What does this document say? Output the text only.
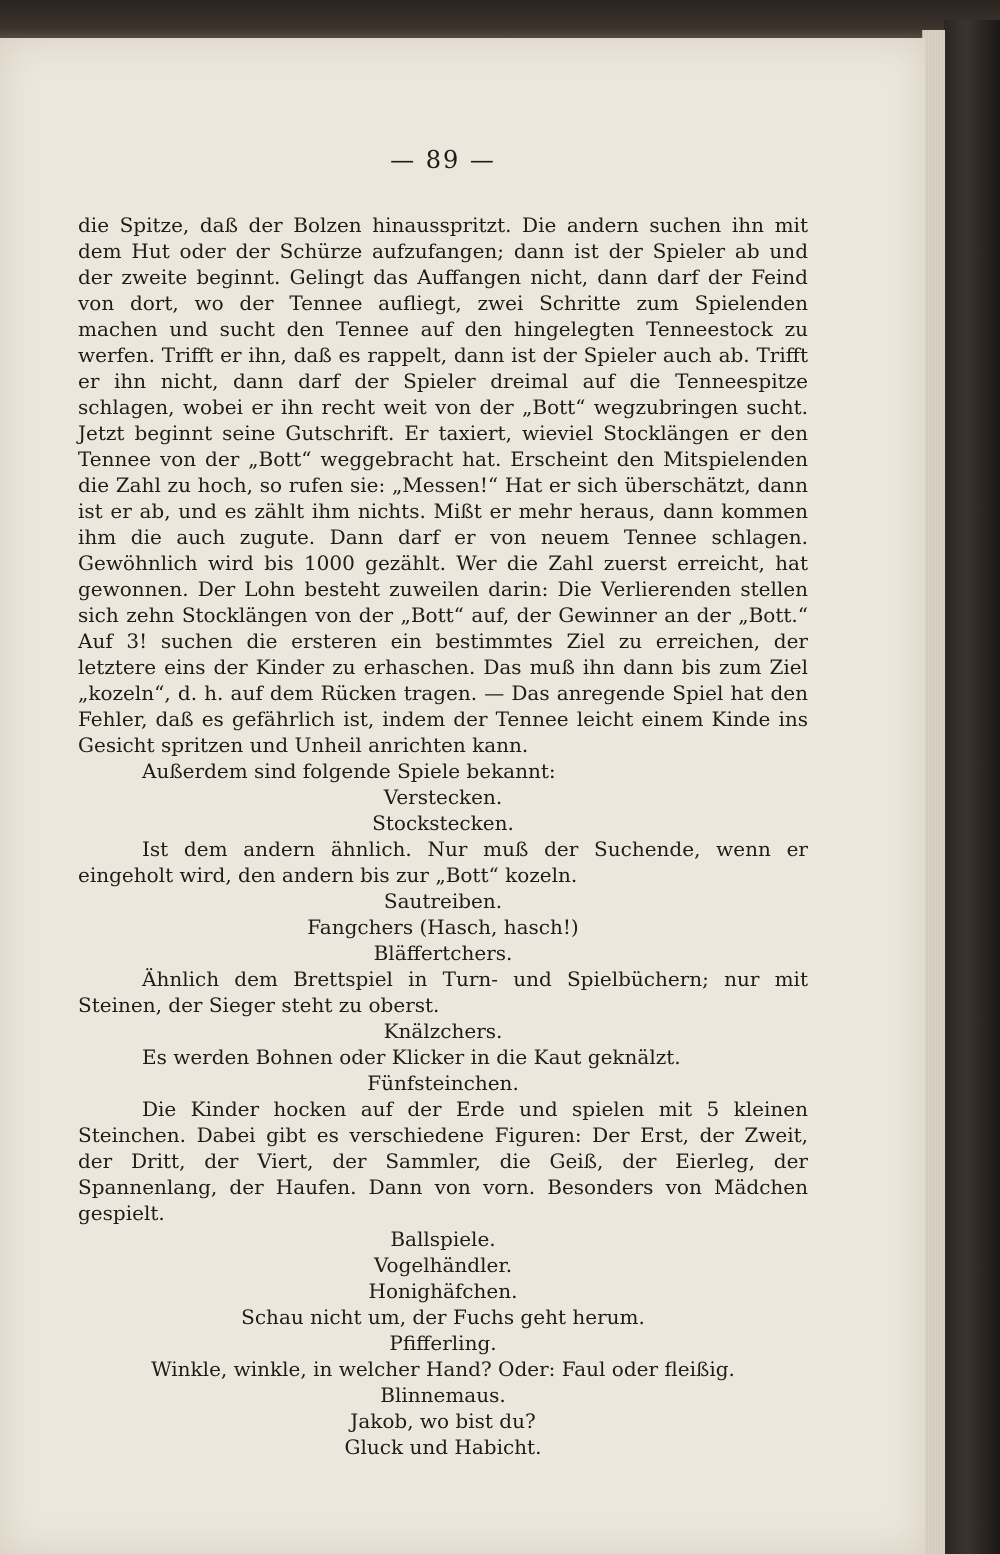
— 89 —

die Spitze, daß der Bolzen hinausspritzt. Die andern suchen ihn mit dem Hut oder der Schürze aufzufangen; dann ist der Spieler ab und der zweite beginnt. Gelingt das Auffangen nicht, dann darf der Feind von dort, wo der Tennee aufliegt, zwei Schritte zum Spielenden machen und sucht den Tennee auf den hingelegten Tenneestock zu werfen. Trifft er ihn, daß es rappelt, dann ist der Spieler auch ab. Trifft er ihn nicht, dann darf der Spieler dreimal auf die Tenneespitze schlagen, wobei er ihn recht weit von der „Bott“ wegzubringen sucht. Jetzt beginnt seine Gutschrift. Er taxiert, wieviel Stocklängen er den Tennee von der „Bott“ weggebracht hat. Erscheint den Mitspielenden die Zahl zu hoch, so rufen sie: „Messen!“ Hat er sich überschätzt, dann ist er ab, und es zählt ihm nichts. Mißt er mehr heraus, dann kommen ihm die auch zugute. Dann darf er von neuem Tennee schlagen. Gewöhnlich wird bis 1000 gezählt. Wer die Zahl zuerst erreicht, hat gewonnen. Der Lohn besteht zuweilen darin: Die Verlierenden stellen sich zehn Stocklängen von der „Bott“ auf, der Gewinner an der „Bott.“ Auf 3! suchen die ersteren ein bestimmtes Ziel zu erreichen, der letztere eins der Kinder zu erhaschen. Das muß ihn dann bis zum Ziel „kozeln“, d. h. auf dem Rücken tragen. — Das anregende Spiel hat den Fehler, daß es gefährlich ist, indem der Tennee leicht einem Kinde ins Gesicht spritzen und Unheil anrichten kann.

Außerdem sind folgende Spiele bekannt:

Verstecken.

Stockstecken.

Ist dem andern ähnlich. Nur muß der Suchende, wenn er eingeholt wird, den andern bis zur „Bott“ kozeln.

Sautreiben.

Fangchers (Hasch, hasch!)

Bläffertchers.

Ähnlich dem Brettspiel in Turn- und Spielbüchern; nur mit Steinen, der Sieger steht zu oberst.

Knälzchers.

Es werden Bohnen oder Klicker in die Kaut geknälzt.

Fünfsteinchen.

Die Kinder hocken auf der Erde und spielen mit 5 kleinen Steinchen. Dabei gibt es verschiedene Figuren: Der Erst, der Zweit, der Dritt, der Viert, der Sammler, die Geiß, der Eierleg, der Spannenlang, der Haufen. Dann von vorn. Besonders von Mädchen gespielt.

Ballspiele.

Vogelhändler.

Honighäfchen.

Schau nicht um, der Fuchs geht herum.

Pfifferling.

Winkle, winkle, in welcher Hand? Oder: Faul oder fleißig.

Blinnemaus.

Jakob, wo bist du?

Gluck und Habicht.
